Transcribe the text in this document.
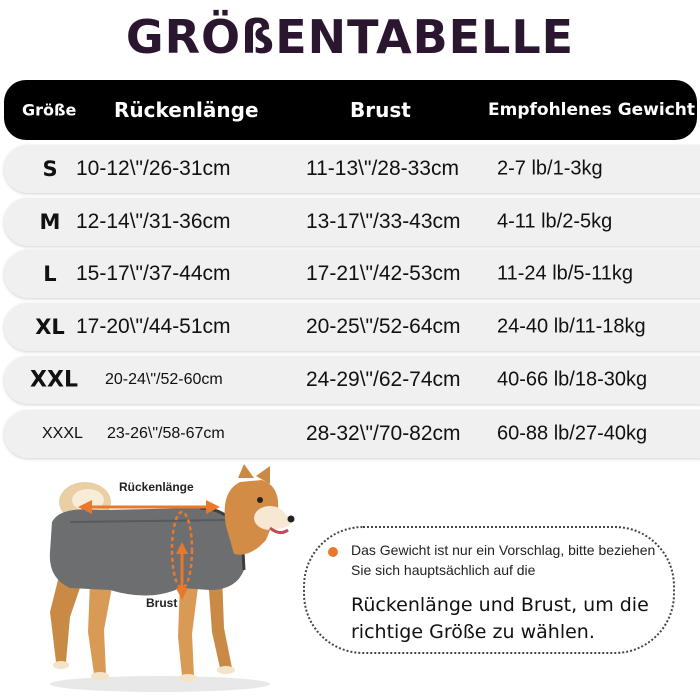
GRÖßENTABELLE
Größe Rückenlänge	Brust	Empfohlenes Gewicht
S 10-12\"/26-31cm	11-13\"/28-33cm 2-7 lb/1-3kg
M 12-14\"/31-36cm	13-17\"/33-43cm 4-11 lb/2-5kg
L 15-17\"/37-44cm	17-21\"/42-53cm 11-24 lb/5-11kg
XL 17-20\"/44-51cm	20-25\"/52-64cm 24-40 lb/11-18kg
XXL	20-24\"/52-60cm	24-29\"/62-74cm 40-66 lb/18-30kg
XXXL 23-26\"/58-67cm	28-32\"/70-82cm 60-88 lb/27-40kg
Rückenlänge
Brust
Das Gewicht ist nur ein Vorschlag, bitte beziehen Sie sich hauptsächlich auf die
Rückenlänge und Brust, um die richtige Größe zu wählen.
